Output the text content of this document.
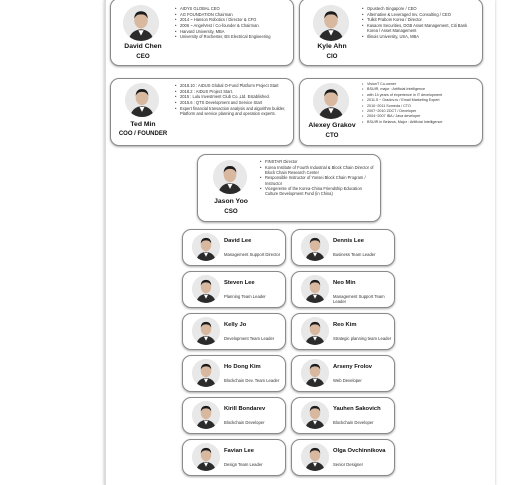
David Chen
CEO
• AIDYS GLOBAL CEO
• AG FOUNDATION Chairman
• 2014 ~ Hanson Robotics / Director & CFO
• 2006 ~ AngelVest / Co-founder & Chairman
• Harvard University, MBA
• University of Rochester, BS Electrical Engineering
Kyle Ahn
CIO
• Opustech Singapore / CEO
• Alternative & Leveraged Inv. Consulting / CEO
• Tulkit Prabom Korea / Director
• Kasaom Securities, DGB Asset Management, Citi Bank Korea / Asset Management
• Illinois University, USA, MBA
Ted Min
COO / FOUNDER
• 2018.10 : AIDUS Global O-Fund Platform Project Start
• 2018.2 : AIDUS Project Start.
• 2015 : Lulu Investment Club Co.,Ltd. Established.
• 2015.6 : QTS Development and Service Start
• Expert financial transaction analysis and algorithm builder, Platform and service planning and operation experts.
Alexey Grakov
CTO
• VisionT Co-owner
• BSUIR, major : Artificial Intelligence
• with 14 years of experience in IT development
• 2011.5 ~ Gradov.ru / Email Marketing Expert
• 2010~2011 Someda / CTO
• 2007~2010 ZDCT / Developer
• 2004~2007 IBA / Java developer
• BSUIR in Belarus, Major : Artificial Intelligence
Jason Yoo
CSO
• FINSTAR Director
• Korea Institute of Fourth Industrial & Block Chain Director of Block Chain Research Center
• Responsible Instructor of Yonsei Block Chain Program / Instructor
• Vicegerente of the Korea-China Friendship Education Culture Development Fund (in China)
David Lee
Management Support Director
Dennis Lee
Business Team Leader
Steven Lee
Planning Team Leader
Neo Min
Management Support Team Leader
Kelly Jo
Development Team Leader
Reo Kim
Strategic planning team Leader
Ho Dong Kim
Blockchain Dev. Team Leader
Arseny Frolov
Web Developer
Kirill Bondarev
Blockchain Developer
Yauhen Sakovich
Blockchain Developer
Favian Lee
Design Team Leader
Olga Ovchinnikova
Senior Designer
